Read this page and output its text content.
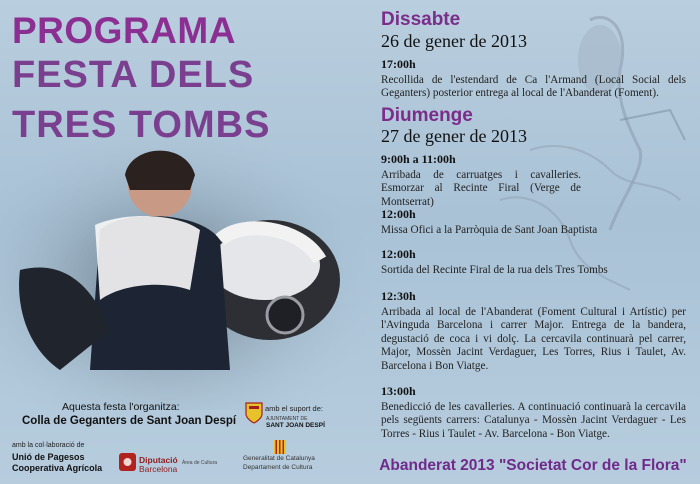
PROGRAMA
FESTA DELS
TRES TOMBS
Dissabte
26 de gener de 2013
17:00h
Recollida de l'estendard de Ca l'Armand (Local Social dels Geganters) posterior entrega al local de l'Abanderat (Foment).
Diumenge
27 de gener de 2013
9:00h a 11:00h
Arribada de carruatges i cavalleries. Esmorzar al Recinte Firal (Verge de Montserrat)
12:00h
Missa Ofici a la Parròquia de Sant Joan Baptista
12:00h
Sortida del Recinte Firal de la rua dels Tres Tombs
12:30h
Arribada al local de l'Abanderat (Foment Cultural i Artístic) per l'Avinguda Barcelona i carrer Major. Entrega de la bandera, degustació de coca i vi dolç. La cercavila continuarà pel carrer, Major, Mossèn Jacint Verdaguer, Les Torres, Rius i Taulet, Av. Barcelona i Bon Viatge.
13:00h
Benedicció de les cavalleries. A continuació continuarà la cercavila pels següents carrers: Catalunya - Mossèn Jacint Verdaguer - Les Torres - Rius i Taulet - Av. Barcelona - Bon Viatge.
Aquesta festa l'organitza:
Colla de Geganters de Sant Joan Despí
amb la col·laboració de
Unió de Pagesos
Cooperativa Agrícola
amb el suport de:
AJUNTAMENT DE
SANT JOAN DESPÍ
Diputació
Barcelona
Àrea de Cultura
Generalitat de Catalunya
Departament de Cultura	Abanderat 2013 "Societat Cor de la Flora"
